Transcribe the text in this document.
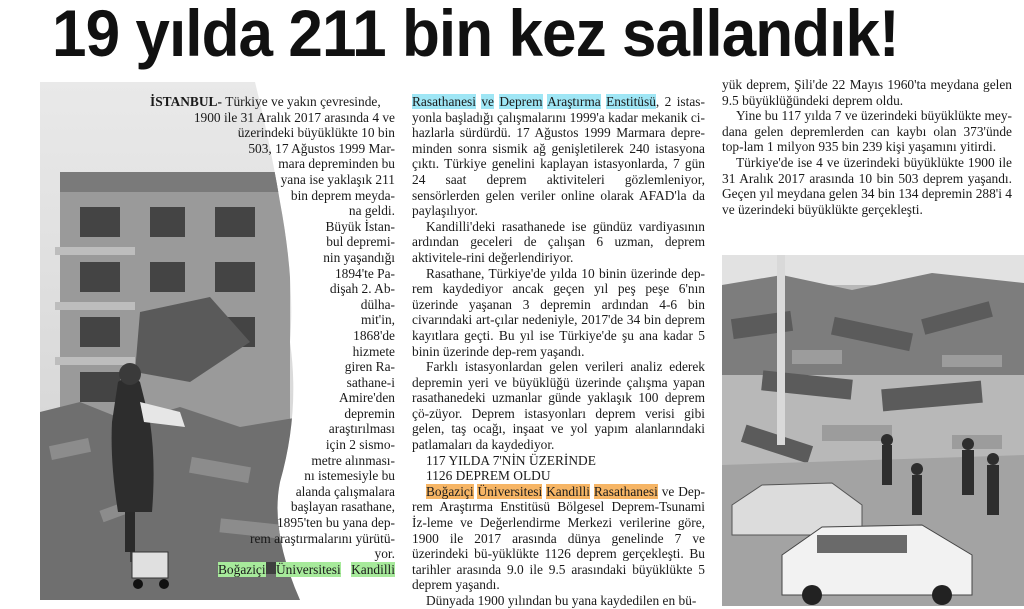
19 yılda 211 bin kez sallandık!
İSTANBUL- Türkiye ve yakın çevresinde,
1900 ile 31 Aralık 2017 arasında 4 ve
üzerindeki büyüklükte 10 bin
503, 17 Ağustos 1999 Mar-
mara depreminden bu
yana ise yaklaşık 211
bin deprem meyda-
na geldi.
Büyük İstan-
bul depremi-
nin yaşandığı
1894'te Pa-
dişah 2. Ab-
dülha-
mit'in,
1868'de
hizmete
giren Ra-
sathane-i
Amire'den
depremin
araştırılması
için 2 sismo-
metre alınması-
nı istemesiyle bu
alanda çalışmalara
başlayan rasathane,
1895'ten bu yana dep-
rem araştırmalarını yürütü-
yor.
Boğaziçi Üniversitesi Kandilli

Rasathanesi ve Deprem Araştırma Enstitüsü, 2 istas- yonla başladığı çalışmalarını 1999'a kadar mekanik ci-hazlarla sürdürdü. 17 Ağustos 1999 Marmara depre-minden sonra sismik ağ genişletilerek 240 istasyona çıktı. Türkiye genelini kaplayan istasyonlarda, 7 gün 24 saat deprem aktiviteleri gözlemleniyor, sensörlerden gelen veriler online olarak AFAD'la da paylaşılıyor.

Kandilli'deki rasathanede ise gündüz vardiyasının ardından geceleri de çalışan 6 uzman, deprem aktivitele-rini değerlendiriyor.

Rasathane, Türkiye'de yılda 10 binin üzerinde dep-rem kaydediyor ancak geçen yıl peş peşe 6'nın üzerinde yaşanan 3 depremin ardından 4-6 bin civarındaki art-çılar nedeniyle, 2017'de 34 bin deprem kayıtlara geçti. Bu yıl ise Türkiye'de şu ana kadar 5 binin üzerinde dep-rem yaşandı.

Farklı istasyonlardan gelen verileri analiz ederek depremin yeri ve büyüklüğü üzerinde çalışma yapan rasathanedeki uzmanlar günde yaklaşık 100 deprem çö-züyor. Deprem istasyonları deprem verisi gibi gelen, taş ocağı, inşaat ve yol yapım alanlarındaki patlamaları da kaydediyor.

117 YILDA 7'NİN ÜZERİNDE
1126 DEPREM OLDU

Boğaziçi Üniversitesi Kandilli Rasathanesi ve Dep-rem Araştırma Enstitüsü Bölgesel Deprem-Tsunami İz-leme ve Değerlendirme Merkezi verilerine göre, 1900 ile 2017 arasında dünya genelinde 7 ve üzerindeki bü-yüklükte 1126 deprem gerçekleşti. Bu tarihler arasında 9.0 ile 9.5 arasındaki büyüklükte 5 deprem yaşandı.

Dünyada 1900 yılından bu yana kaydedilen en bü-

yük deprem, Şili'de 22 Mayıs 1960'ta meydana gelen 9.5 büyüklüğündeki deprem oldu.

Yine bu 117 yılda 7 ve üzerindeki büyüklükte mey-dana gelen depremlerden can kaybı olan 373'ünde top-lam 1 milyon 935 bin 239 kişi yaşamını yitirdi.

Türkiye'de ise 4 ve üzerindeki büyüklükte 1900 ile 31 Aralık 2017 arasında 10 bin 503 deprem yaşandı. Geçen yıl meydana gelen 34 bin 134 depremin 288'i 4 ve üzerindeki büyüklükte gerçekleşti.
